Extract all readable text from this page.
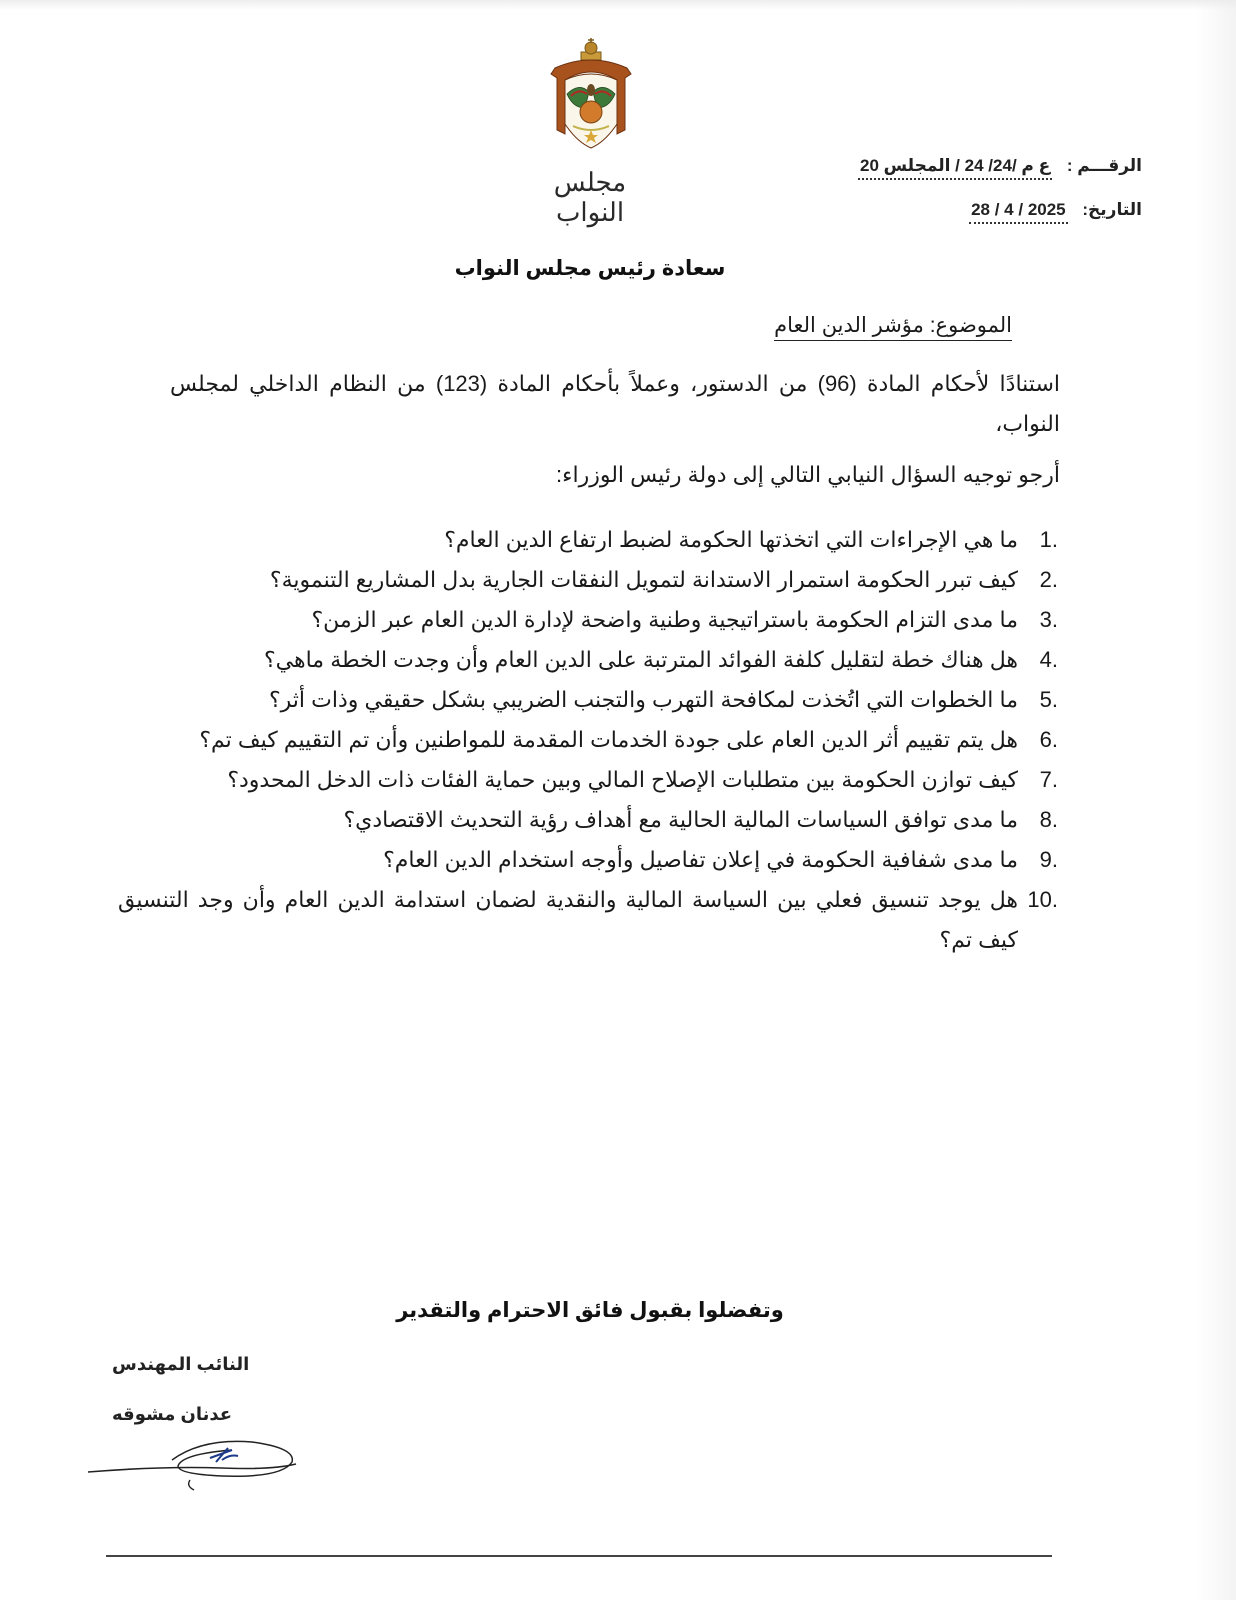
مجلس النواب
الرقـــم : ع م /24/ 24 / المجلس 20
التاريخ: 2025 / 4 / 28
سعادة رئيس مجلس النواب
الموضوع: مؤشر الدين العام
استنادًا لأحكام المادة (96) من الدستور، وعملاً بأحكام المادة (123) من النظام الداخلي لمجلس النواب،
أرجو توجيه السؤال النيابي التالي إلى دولة رئيس الوزراء:
1.
ما هي الإجراءات التي اتخذتها الحكومة لضبط ارتفاع الدين العام؟
2.
كيف تبرر الحكومة استمرار الاستدانة لتمويل النفقات الجارية بدل المشاريع التنموية؟
3.
ما مدى التزام الحكومة باستراتيجية وطنية واضحة لإدارة الدين العام عبر الزمن؟
4.
هل هناك خطة لتقليل كلفة الفوائد المترتبة على الدين العام وأن وجدت الخطة ماهي؟
5.
ما الخطوات التي اتُخذت لمكافحة التهرب والتجنب الضريبي بشكل حقيقي وذات أثر؟
6.
هل يتم تقييم أثر الدين العام على جودة الخدمات المقدمة للمواطنين وأن تم التقييم كيف تم؟
7.
كيف توازن الحكومة بين متطلبات الإصلاح المالي وبين حماية الفئات ذات الدخل المحدود؟
8.
ما مدى توافق السياسات المالية الحالية مع أهداف رؤية التحديث الاقتصادي؟
9.
ما مدى شفافية الحكومة في إعلان تفاصيل وأوجه استخدام الدين العام؟
10.
هل يوجد تنسيق فعلي بين السياسة المالية والنقدية لضمان استدامة الدين العام وأن وجد التنسيق كيف تم؟
وتفضلوا بقبول فائق الاحترام والتقدير
النائب المهندس
عدنان مشوقه
